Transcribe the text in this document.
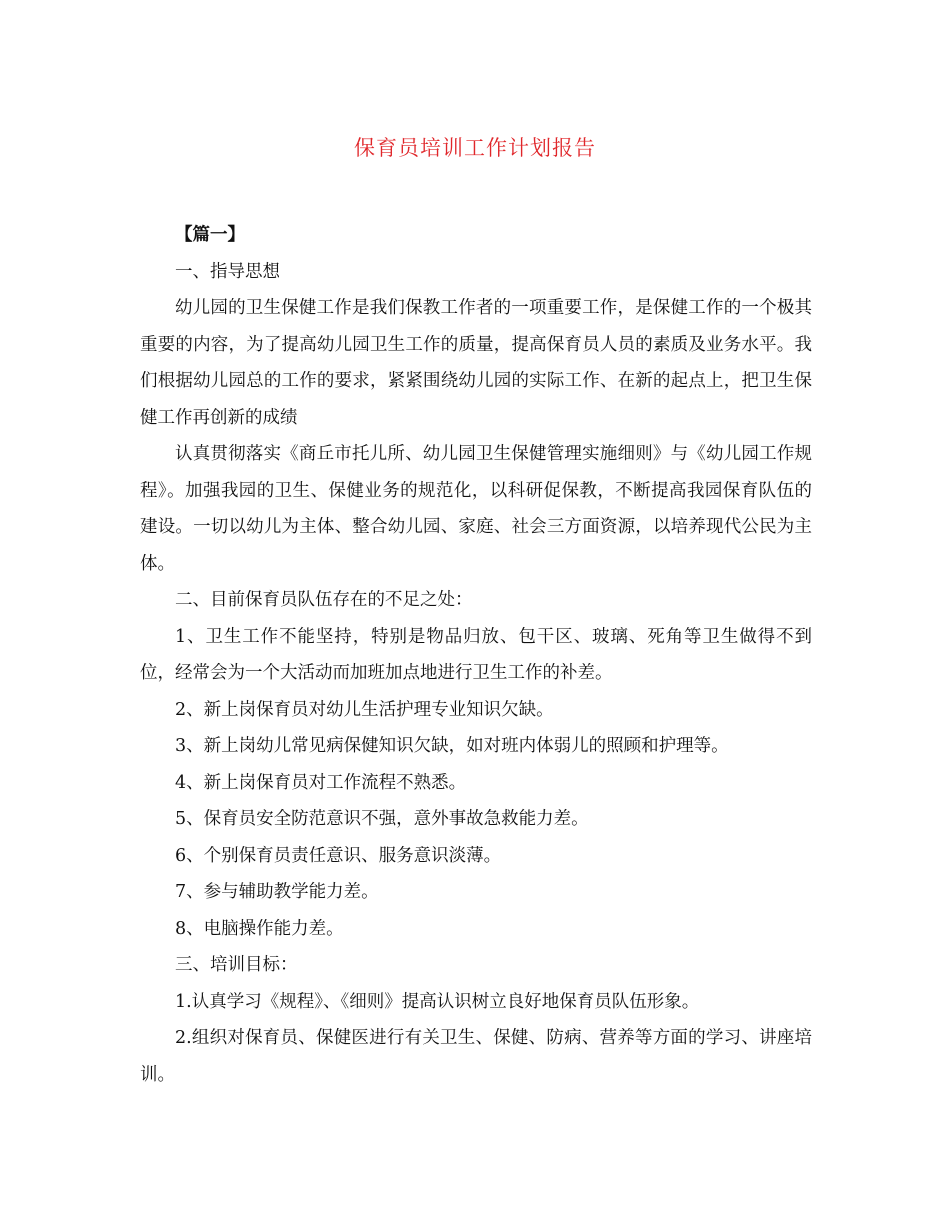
保育员培训工作计划报告

【篇一】

一、指导思想

幼儿园的卫生保健工作是我们保教工作者的一项重要工作，是保健工作的一个极其重要的内容，为了提高幼儿园卫生工作的质量，提高保育员人员的素质及业务水平。我们根据幼儿园总的工作的要求，紧紧围绕幼儿园的实际工作、在新的起点上，把卫生保健工作再创新的成绩

认真贯彻落实《商丘市托儿所、幼儿园卫生保健管理实施细则》与《幼儿园工作规程》。加强我园的卫生、保健业务的规范化，以科研促保教，不断提高我园保育队伍的建设。一切以幼儿为主体、整合幼儿园、家庭、社会三方面资源，以培养现代公民为主体。

二、目前保育员队伍存在的不足之处：

1、卫生工作不能坚持，特别是物品归放、包干区、玻璃、死角等卫生做得不到位，经常会为一个大活动而加班加点地进行卫生工作的补差。

2、新上岗保育员对幼儿生活护理专业知识欠缺。

3、新上岗幼儿常见病保健知识欠缺，如对班内体弱儿的照顾和护理等。

4、新上岗保育员对工作流程不熟悉。

5、保育员安全防范意识不强，意外事故急救能力差。

6、个别保育员责任意识、服务意识淡薄。

7、参与辅助教学能力差。

8、电脑操作能力差。

三、培训目标：

1.认真学习《规程》、《细则》提高认识树立良好地保育员队伍形象。

2.组织对保育员、保健医进行有关卫生、保健、防病、营养等方面的学习、讲座培训。
